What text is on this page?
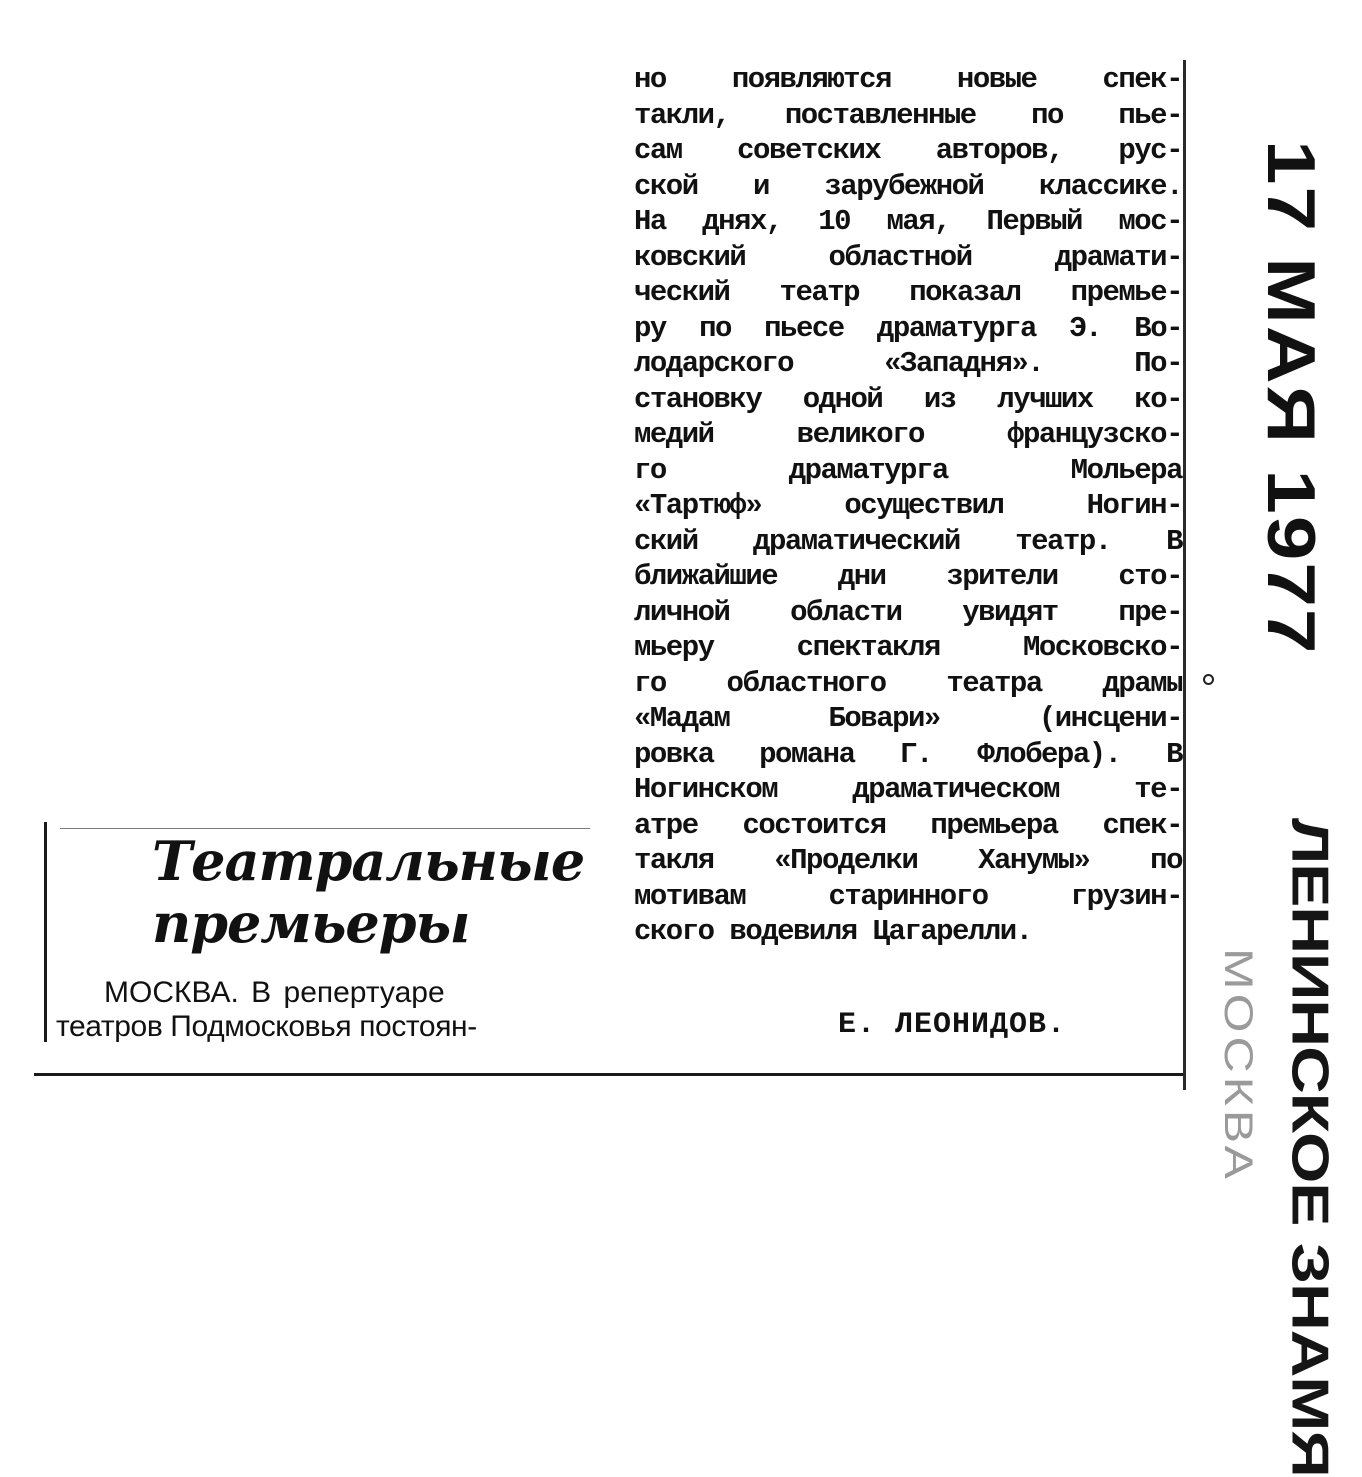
Театральные
премьеры
МОСКВА. В репертуаре
театров Подмосковья постоян-
но появляются новые спек-
такли, поставленные по пье-
сам советских авторов, рус-
ской и зарубежной классике.
На днях, 10 мая, Первый мос-
ковский областной драмати-
ческий театр показал премье-
ру по пьесе драматурга Э. Во-
лодарского «Западня». По-
становку одной из лучших ко-
медий великого французско-
го драматурга Мольера
«Тартюф» осуществил Ногин-
ский драматический театр. В
ближайшие дни зрители сто-
личной области увидят пре-
мьеру спектакля Московско-
го областного театра драмы
«Мадам Бовари» (инсцени-
ровка романа Г. Флобера). В
Ногинском драматическом те-
атре состоится премьера спек-
такля «Проделки Ханумы» по
мотивам старинного грузин-
ского водевиля Цагарелли.
Е. ЛЕОНИДОВ.
17 МАЯ 1977
ЛЕНИНСКОЕ ЗНАМЯ
МОСКВА
